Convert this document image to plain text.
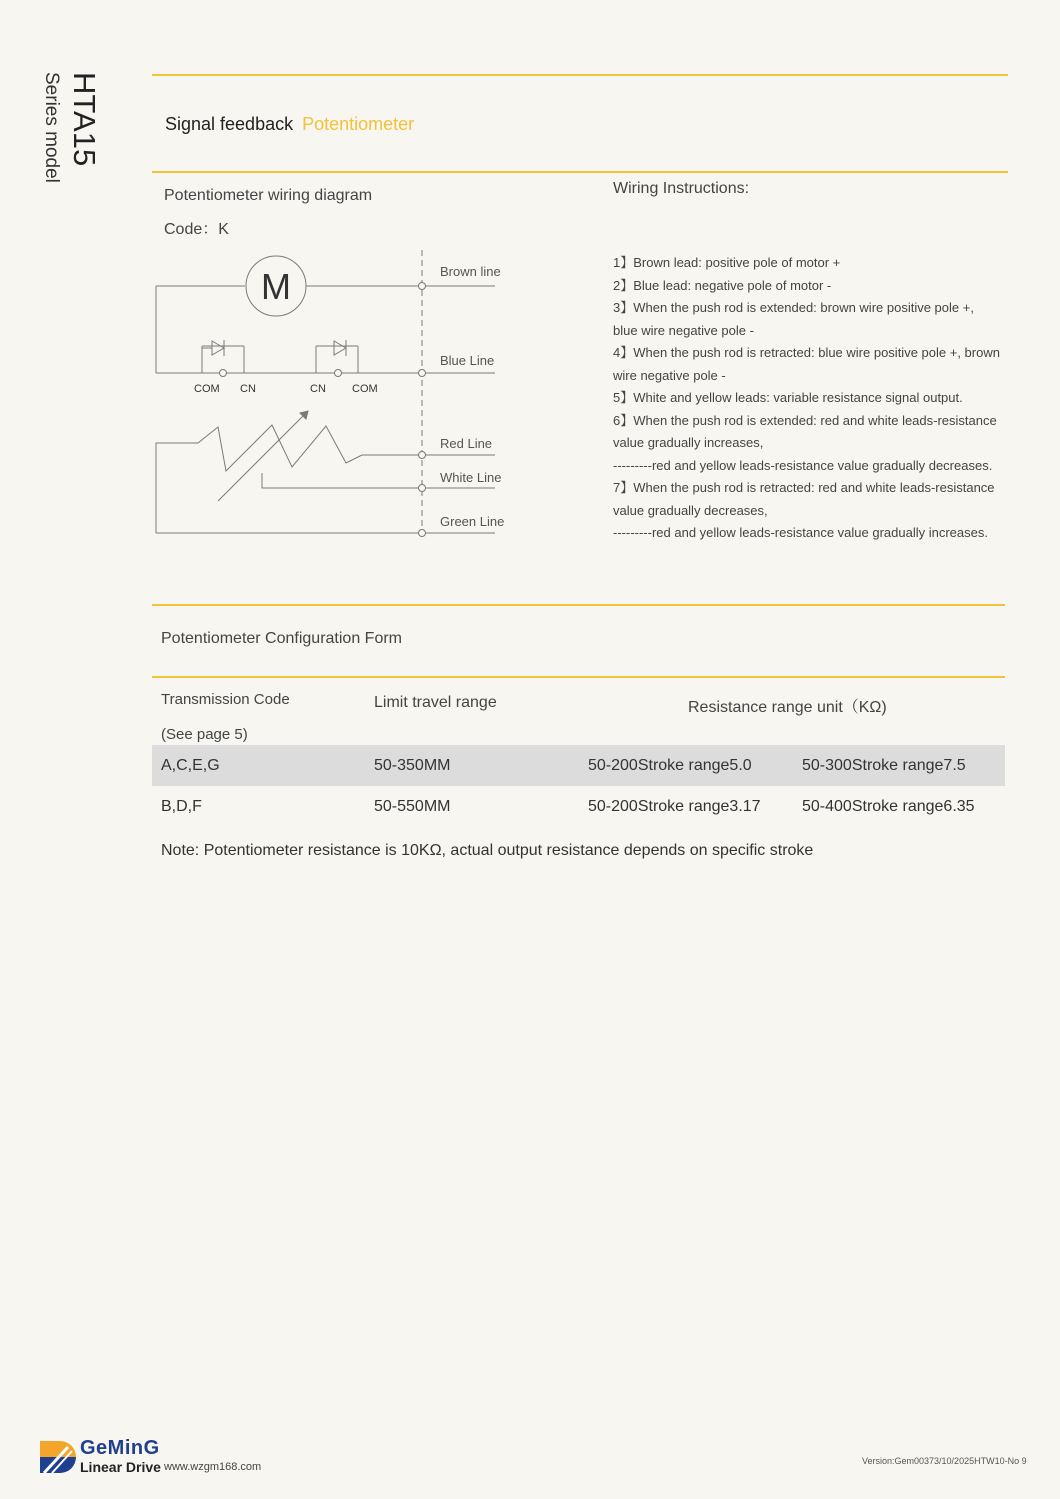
HTA15
Series model	Signal feedback Potentiometer
Potentiometer wiring diagram
Code：K
M
COM CN	CN COM
Brown line
Blue Line
Red Line
White Line
Green Line
Wiring Instructions:
1】Brown lead: positive pole of motor +
2】Blue lead: negative pole of motor -
3】When the push rod is extended: brown wire positive pole +,
blue wire negative pole -
4】When the push rod is retracted: blue wire positive pole +, brown
wire negative pole -
5】White and yellow leads: variable resistance signal output.
6】When the push rod is extended: red and white leads-resistance
value gradually increases,
---------red and yellow leads-resistance value gradually decreases.
7】When the push rod is retracted: red and white leads-resistance
value gradually decreases,
---------red and yellow leads-resistance value gradually increases.
Potentiometer Configuration Form
Transmission Code
(See page 5)
Limit travel range	Resistance range unit（KΩ)
A,C,E,G	50-350MM	50-200Stroke range5.0	50-300Stroke range7.5
B,D,F	50-550MM	50-200Stroke range3.17	50-400Stroke range6.35
Note: Potentiometer resistance is 10KΩ, actual output resistance depends on specific stroke
GeMinG
Linear Drive www.wzgm168.com	Version:Gem00373/10/2025HTW10-No 9
